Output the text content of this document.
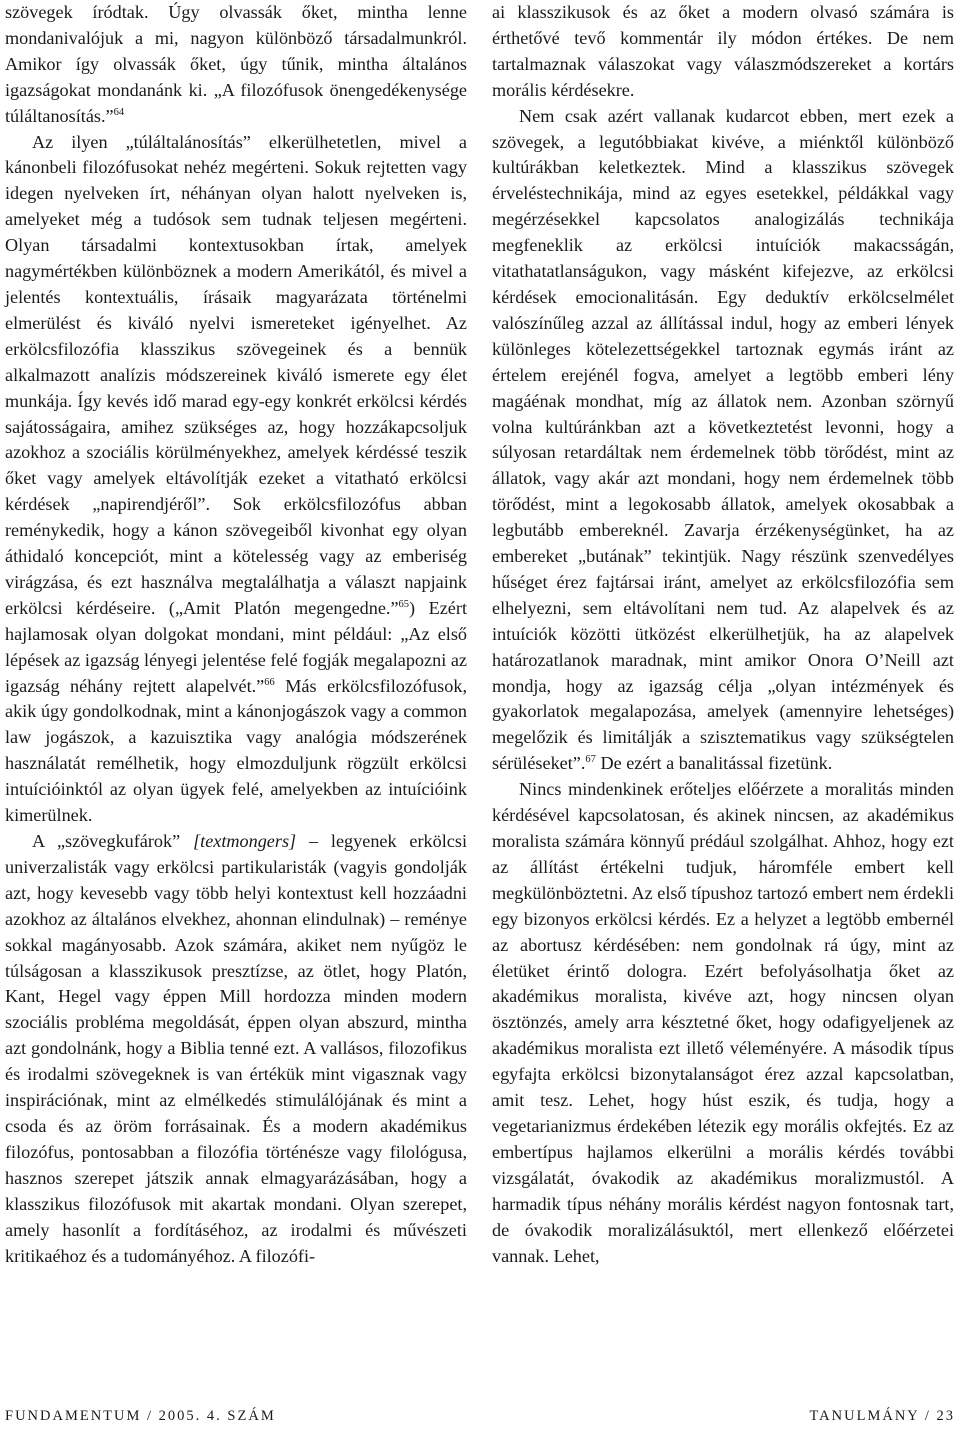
szövegek íródtak. Úgy olvassák őket, mintha lenne mondanivalójuk a mi, nagyon különböző társadalmunkról. Amikor így olvassák őket, úgy tűnik, mintha általános igazságokat mondanánk ki. „A filozófusok önengedékenysége túláltanosítás.”$^{64}$

Az ilyen „túláltalánosítás” elkerülhetetlen, mivel a kánonbeli filozófusokat nehéz megérteni. Sokuk rejtetten vagy idegen nyelveken írt, néhányan olyan halott nyelveken is, amelyeket még a tudósok sem tudnak teljesen megérteni. Olyan társadalmi kontextusokban írtak, amelyek nagymértékben különböznek a modern Amerikától, és mivel a jelentés kontextuális, írásaik magyarázata történelmi elmerülést és kiváló nyelvi ismereteket igényelhet. Az erkölcsfilozófia klasszikus szövegeinek és a bennük alkalmazott analízis módszereinek kiváló ismerete egy élet munkája. Így kevés idő marad egy-egy konkrét erkölcsi kérdés sajátosságaira, amihez szükséges az, hogy hozzákapcsoljuk azokhoz a szociális körülményekhez, amelyek kérdéssé teszik őket vagy amelyek eltávolítják ezeket a vitatható erkölcsi kérdések „napirendjéről”. Sok erkölcsfilozófus abban reménykedik, hogy a kánon szövegeiből kivonhat egy olyan áthidaló koncepciót, mint a kötelesség vagy az emberiség virágzása, és ezt használva megtalálhatja a választ napjaink erkölcsi kérdéseire. („Amit Platón megengedne.”$^{65}$) Ezért hajlamosak olyan dolgokat mondani, mint például: „Az első lépések az igazság lényegi jelentése felé fogják megalapozni az igazság néhány rejtett alapelvét.”$^{66}$ Más erkölcsfilozófusok, akik úgy gondolkodnak, mint a kánonjogászok vagy a common law jogászok, a kazuisztika vagy analógia módszerének használatát remélhetik, hogy elmozduljunk rögzült erkölcsi intuícióinktól az olyan ügyek felé, amelyekben az intuícióink kimerülnek.

A „szövegkufárok” [textmongers] – legyenek erkölcsi univerzalisták vagy erkölcsi partikularisták (vagyis gondolják azt, hogy kevesebb vagy több helyi kontextust kell hozzáadni azokhoz az általános elvekhez, ahonnan elindulnak) – reménye sokkal magányosabb. Azok számára, akiket nem nyűgöz le túlságosan a klasszikusok presztízse, az ötlet, hogy Platón, Kant, Hegel vagy éppen Mill hordozza minden modern szociális probléma megoldását, éppen olyan abszurd, mintha azt gondolnánk, hogy a Biblia tenné ezt. A vallásos, filozofikus és irodalmi szövegeknek is van értékük mint vigasznak vagy inspirációnak, mint az elmélkedés stimulálójának és mint a csoda és az öröm forrásainak. És a modern akadémikus filozófus, pontosabban a filozófia történésze vagy filológusa, hasznos szerepet játszik annak elmagyarázásában, hogy a klasszikus filozófusok mit akartak mondani. Olyan szerepet, amely hasonlít a fordításéhoz, az irodalmi és művészeti kritikaéhoz és a tudományéhoz. A filozófi-

ai klasszikusok és az őket a modern olvasó számára is érthetővé tevő kommentár ily módon értékes. De nem tartalmaznak válaszokat vagy válaszmódszereket a kortárs morális kérdésekre.

Nem csak azért vallanak kudarcot ebben, mert ezek a szövegek, a legutóbbiakat kivéve, a miénktől különböző kultúrákban keletkeztek. Mind a klasszikus szövegek érveléstechnikája, mind az egyes esetekkel, példákkal vagy megérzésekkel kapcsolatos analogizálás technikája megfeneklik az erkölcsi intuíciók makacsságán, vitathatatlanságukon, vagy másként kifejezve, az erkölcsi kérdések emocionalitásán. Egy deduktív erkölcselmélet valószínűleg azzal az állítással indul, hogy az emberi lények különleges kötelezettségekkel tartoznak egymás iránt az értelem erejénél fogva, amelyet a legtöbb emberi lény magáénak mondhat, míg az állatok nem. Azonban szörnyű volna kultúránkban azt a következtetést levonni, hogy a súlyosan retardáltak nem érdemelnek több törődést, mint az állatok, vagy akár azt mondani, hogy nem érdemelnek több törődést, mint a legokosabb állatok, amelyek okosabbak a legbutább embereknél. Zavarja érzékenységünket, ha az embereket „butának” tekintjük. Nagy részünk szenvedélyes hűséget érez fajtársai iránt, amelyet az erkölcsfilozófia sem elhelyezni, sem eltávolítani nem tud. Az alapelvek és az intuíciók közötti ütközést elkerülhetjük, ha az alapelvek határozatlanok maradnak, mint amikor Onora O’Neill azt mondja, hogy az igazság célja „olyan intézmények és gyakorlatok megalapozása, amelyek (amennyire lehetséges) megelőzik és limitálják a szisztematikus vagy szükségtelen sérüléseket”.$^{67}$ De ezért a banalitással fizetünk.

Nincs mindenkinek erőteljes előérzete a moralitás minden kérdésével kapcsolatosan, és akinek nincsen, az akadémikus moralista számára könnyű prédául szolgálhat. Ahhoz, hogy ezt az állítást értékelni tudjuk, háromféle embert kell megkülönböztetni. Az első típushoz tartozó embert nem érdekli egy bizonyos erkölcsi kérdés. Ez a helyzet a legtöbb embernél az abortusz kérdésében: nem gondolnak rá úgy, mint az életüket érintő dologra. Ezért befolyásolhatja őket az akadémikus moralista, kivéve azt, hogy nincsen olyan ösztönzés, amely arra késztetné őket, hogy odafigyeljenek az akadémikus moralista ezt illető véleményére. A második típus egyfajta erkölcsi bizonytalanságot érez azzal kapcsolatban, amit tesz. Lehet, hogy húst eszik, és tudja, hogy a vegetarianizmus érdekében létezik egy morális okfejtés. Ez az embertípus hajlamos elkerülni a morális kérdés további vizsgálatát, óvakodik az akadémikus moralizmustól. A harmadik típus néhány morális kérdést nagyon fontosnak tart, de óvakodik moralizálásuktól, mert ellenkező előérzetei vannak. Lehet,

FUNDAMENTUM / 2005. 4. SZÁM	TANULMÁNY / 23
